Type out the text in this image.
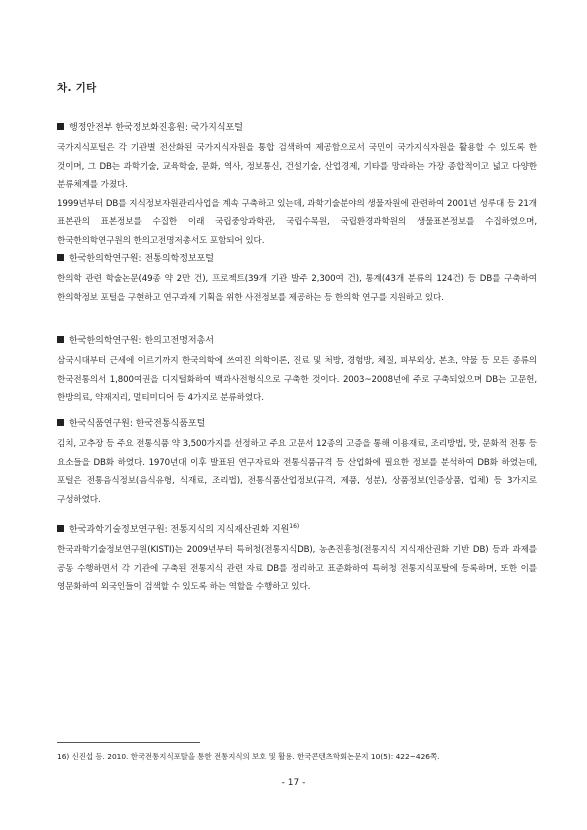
차. 기타

행정안전부 한국정보화진흥원: 국가지식포털

국가지식포털은 각 기관별 전산화된 국가지식자원을 통합 검색하여 제공함으로서 국민이 국가지식자원을 활용할 수 있도록 한 것이며, 그 DB는 과학기술, 교육학술, 문화, 역사, 정보통신, 건설기술, 산업경제, 기타를 망라하는 가장 종합적이고 넓고 다양한 분류체계를 가졌다.

1999년부터 DB를 지식정보자원관리사업을 계속 구축하고 있는데, 과학기술분야의 생물자원에 관련하여 2001년 성루대 등 21개 표본관의 표본정보를 수집한 이래 국립중앙과학관, 국립수목원, 국립환경과학원의 생물표본정보를 수집하였으며, 한국한의학연구원의 한의고전명저총서도 포함되어 있다.

한국한의학연구원: 전통의학정보포털

한의학 관련 학술논문(49종 약 2만 건), 프로젝트(39개 기관 발주 2,300여 건), 통계(43개 분류의 124건) 등 DB를 구축하여 한의학정보 포털을 구현하고 연구과제 기획을 위한 사전정보를 제공하는 등 한의학 연구를 지원하고 있다.

한국한의학연구원: 한의고전명저총서

삼국시대부터 근세에 이르기까지 한국의학에 쓰여진 의학이론, 진료 및 처방, 경험방, 체질, 피부외상, 본초, 약물 등 모든 종류의 한국전통의서 1,800여권을 디지털화하여 백과사전형식으로 구축한 것이다. 2003~2008년에 주로 구축되었으며 DB는 고문헌, 한방의료, 약재지리, 멀티미디어 등 4가지로 분류하였다.

한국식품연구원: 한국전통식품포털

김치, 고추장 등 주요 전통식품 약 3,500가지를 선정하고 주요 고문서 12종의 고증을 통해 이용재료, 조리방법, 맛, 문화적 전통 등 요소들을 DB화 하였다. 1970년대 이후 발표된 연구자료와 전통식품규격 등 산업화에 필요한 정보를 분석하여 DB화 하였는데, 포털은 전통음식정보(음식유형, 식재료, 조리법), 전통식품산업정보(규격, 제품, 성분), 상품정보(인증상품, 업체) 등 3가지로 구성하였다.

한국과학기술정보연구원: 전통지식의 지식재산권화 지원$^{16)}$

한국과학기술정보연구원(KISTI)는 2009년부터 특허청(전통지식DB), 농촌진흥청(전통지식 지식재산권화 기반 DB) 등과 과제를 공동 수행하면서 각 기관에 구축된 전통지식 관련 자료 DB를 정리하고 표준화하여 특허청 전통지식포탈에 등록하며, 또한 이를 영문화하여 외국인들이 검색할 수 있도록 하는 역할을 수행하고 있다.

16) 신진섭 등. 2010. 한국전통지식포탈을 통한 전통지식의 보호 및 활용. 한국콘텐츠학회논문지 10(5): 422~426쪽.

- 17 -
